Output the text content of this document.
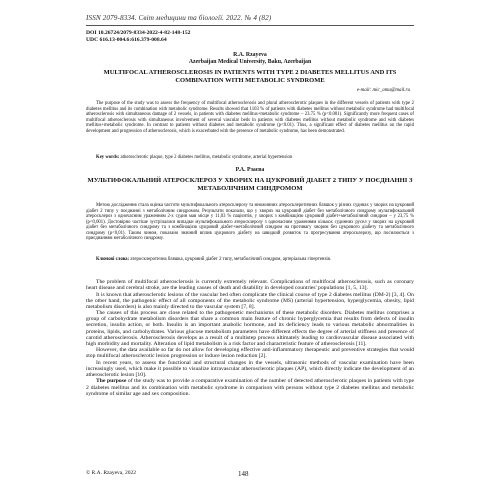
ISSN 2079-8334. Світ медицини та біології. 2022. № 4 (82)
DOI 10.26724/2079-8334-2022-4-82-148-152
UDC 616.13-004.6:616.379-008.64
R.A. Rzayeva
Azerbaijan Medical University, Baku, Azerbaijan
MULTIFOCAL ATHEROSCLEROSIS IN PATIENTS WITH TYPE 2 DIABETES MELLITUS AND ITS COMBINATION WITH METABOLIC SYNDROME
e-mail: mic_amu@mail.ru
The purpose of the study was to assess the frequency of multifocal atherosclerosis and plural atherosclerotic plaques in the different vessels of patients with type 2 diabetes mellitus and its combination with metabolic syndrome. Results showed that 1103 % of patients with diabetes mellitus without metabolic syndrome had multifocal atherosclerosis with simultaneous damage of 2 vessels, in patients with diabetes mellitus+metabolic syndrome – 23.75 % (p<0.001). Significantly more frequent cases of multifocal atherosclerosis with simultaneous involvement of several vascular beds in patients with diabetes mellitus without metabolic syndrome and with diabetes mellitus+metabolic syndrome. In contrast to patients without diabetes and metabolic syndrome (p<0.01). Thus, a significant effect of diabetes mellitus on the rapid development and progression of atherosclerosis, which is exacerbated with the presence of metabolic syndrome, has been demonstrated.
Key words: atherosclerotic plaque, type 2 diabetes mellitus, metabolic syndrome, arterial hypertension
Р.А. Рзаєва
МУЛЬТИФОКАЛЬНИЙ АТЕРОСКЛЕРОЗ У ХВОРИХ НА ЦУКРОВИЙ ДІАБЕТ 2 ТИПУ У ПОЄДНАННІ З МЕТАБОЛІЧНИМ СИНДРОМОМ
Метою дослідження стала оцінка частоти мультифокального атеросклерозу та множинних атеросклеротичних бляшок у різних судинах у хворих на цукровий діабет 2 типу у поєднанні з метаболічним синдромом. Результати показали, що у хворих на цукровий діабет без метаболічного синдрому мультифокальний атеросклероз з одночасним ураженням 2-х судин мав місце у 11,03 % пацієнтів, у хворих з комбінацією цукровий діабет+метаболічний синдром – у 23,75 % (p<0,001). Достовірно частіше зустрічалися випадки мультифокального атеросклерозу з одночасним ураженням кількох судинних русел у хворих на цукровий діабет без метаболічного синдрому та з комбінацією цукровий діабет+метаболічний синдром на противагу хворим без цукрового діабету та метаболічного синдрому (p<0,01). Таким чином, показано значний вплив цукрового діабету на швидкий розвиток та прогресування атеросклерозу, що посилюється з приєднанням метаболічного синдрому.
Ключові слова: атеросклеротична бляшка, цукровий діабет 2 типу, метаболічний синдром, артеріальна гіпертензія.

The problem of multifocal atherosclerosis is currently extremely relevant. Complications of multifocal atherosclerosis, such as coronary heart disease and cerebral stroke, are the leading causes of death and disability in developed countries' populations [1, 5, 13].

It is known that atherosclerotic lesions of the vascular bed often complicate the clinical course of type 2 diabetes mellitus (DM-2) [3, 4]. On the other hand, the pathogenic effect of all components of the metabolic syndrome (MS) (arterial hypertension, hyperglycemia, obesity, lipid metabolism disorders) is also mainly directed to the vascular system [7, 8].

The causes of this process are close related to the pathogenetic mechanisms of these metabolic disorders. Diabetes mellitus comprises a group of carbohydrate metabolism disorders that share a common main feature of chronic hyperglycemia that results from defects of insulin secretion, insulin action, or both. Insulin is an important anabolic hormone, and its deficiency leads to various metabolic abnormalities in proteins, lipids, and carbohydrates. Various glucose metabolism parameters have different effects the degree of arterial stiffness and presence of carotid atherosclerosis. Atherosclerosis develops as a result of a multistep process ultimately leading to cardiovascular disease associated with high morbidity and mortality. Alteration of lipid metabolism is a risk factor and characteristic feature of atherosclerosis [11].

However, the data available so far do not allow for developing effective anti-inflammatory therapeutic and preventive strategies that would stop multifocal atherosclerotic lesion progression or induce lesion reduction [2].

In recent years, to assess the functional and structural changes in the vessels, ultrasonic methods of vascular examination have been increasingly used, which make it possible to visualize intravascular atherosclerotic plaques (AP), which directly indicate the development of an atherosclerotic lesion [10].

The purpose of the study was to provide a comparative examination of the number of detected atherosclerotic plaques in patients with type 2 diabetes mellitus and its combination with metabolic syndrome in comparison with persons without type 2 diabetes mellitus and metabolic syndrome of similar age and sex composition.

© R.A. Rzayeva, 2022	148
